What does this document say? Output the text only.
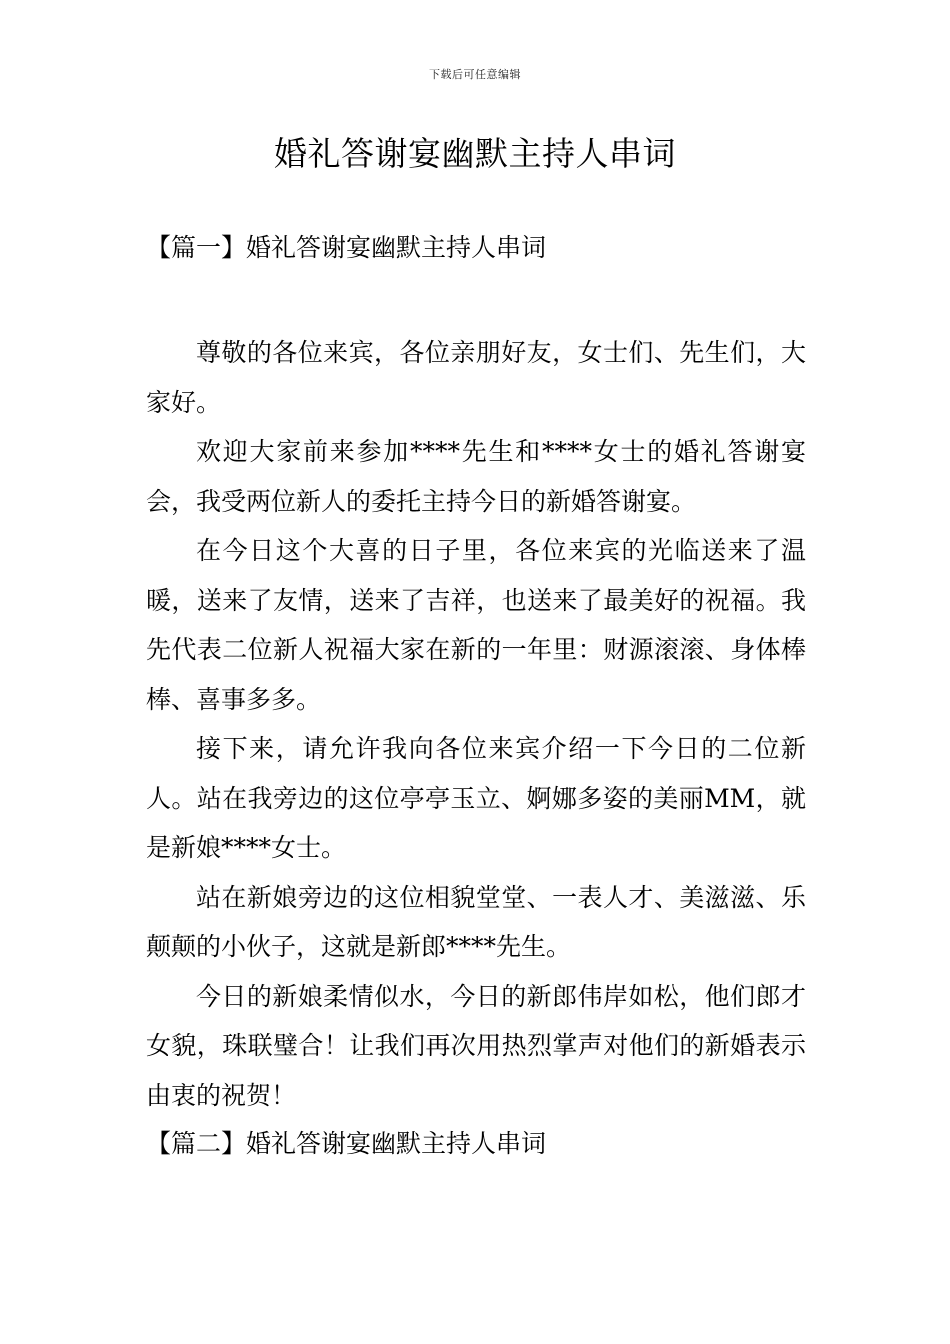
下载后可任意编辑
婚礼答谢宴幽默主持人串词
【篇一】婚礼答谢宴幽默主持人串词

尊敬的各位来宾，各位亲朋好友，女士们、先生们，大家好。

欢迎大家前来参加****先生和****女士的婚礼答谢宴会，我受两位新人的委托主持今日的新婚答谢宴。

在今日这个大喜的日子里，各位来宾的光临送来了温暖，送来了友情，送来了吉祥，也送来了最美好的祝福。我先代表二位新人祝福大家在新的一年里：财源滚滚、身体棒棒、喜事多多。

接下来，请允许我向各位来宾介绍一下今日的二位新人。站在我旁边的这位亭亭玉立、婀娜多姿的美丽MM，就是新娘****女士。

站在新娘旁边的这位相貌堂堂、一表人才、美滋滋、乐颠颠的小伙子，这就是新郎****先生。

今日的新娘柔情似水，今日的新郎伟岸如松，他们郎才女貌，珠联璧合！让我们再次用热烈掌声对他们的新婚表示由衷的祝贺！

【篇二】婚礼答谢宴幽默主持人串词
